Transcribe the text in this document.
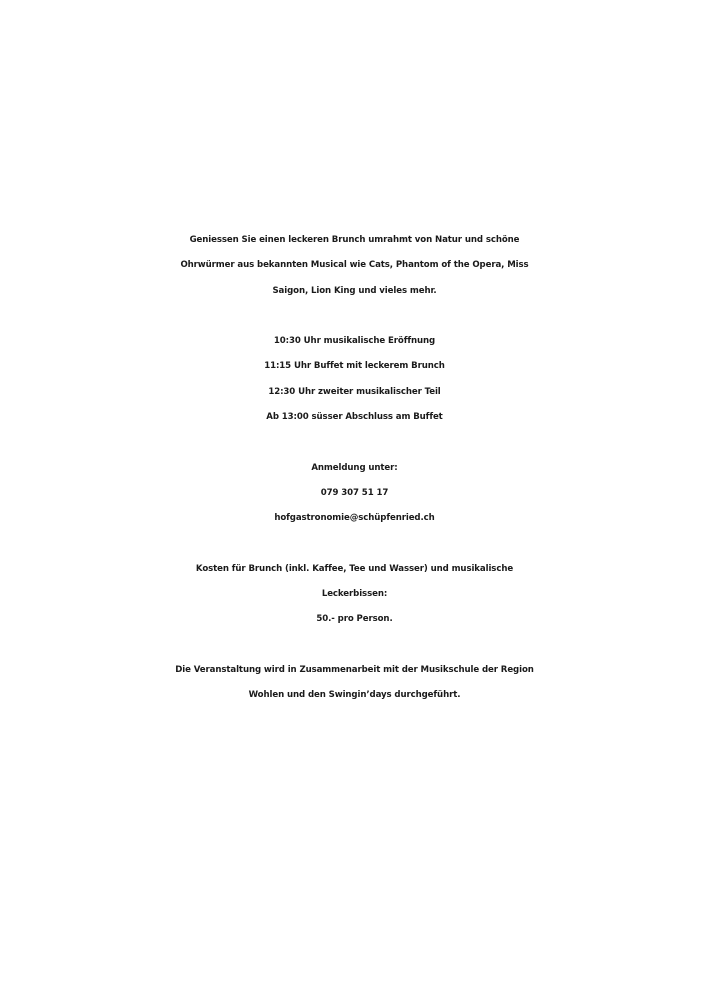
Geniessen Sie einen leckeren Brunch umrahmt von Natur und schöne
Ohrwürmer aus bekannten Musical wie Cats, Phantom of the Opera, Miss
Saigon, Lion King und vieles mehr.
10:30 Uhr musikalische Eröffnung
11:15 Uhr Buffet mit leckerem Brunch
12:30 Uhr zweiter musikalischer Teil
Ab 13:00 süsser Abschluss am Buffet
Anmeldung unter:
079 307 51 17
hofgastronomie@schüpfenried.ch
Kosten für Brunch (inkl. Kaffee, Tee und Wasser) und musikalische
Leckerbissen:
50.- pro Person.
Die Veranstaltung wird in Zusammenarbeit mit der Musikschule der Region
Wohlen und den Swingin’days durchgeführt.
